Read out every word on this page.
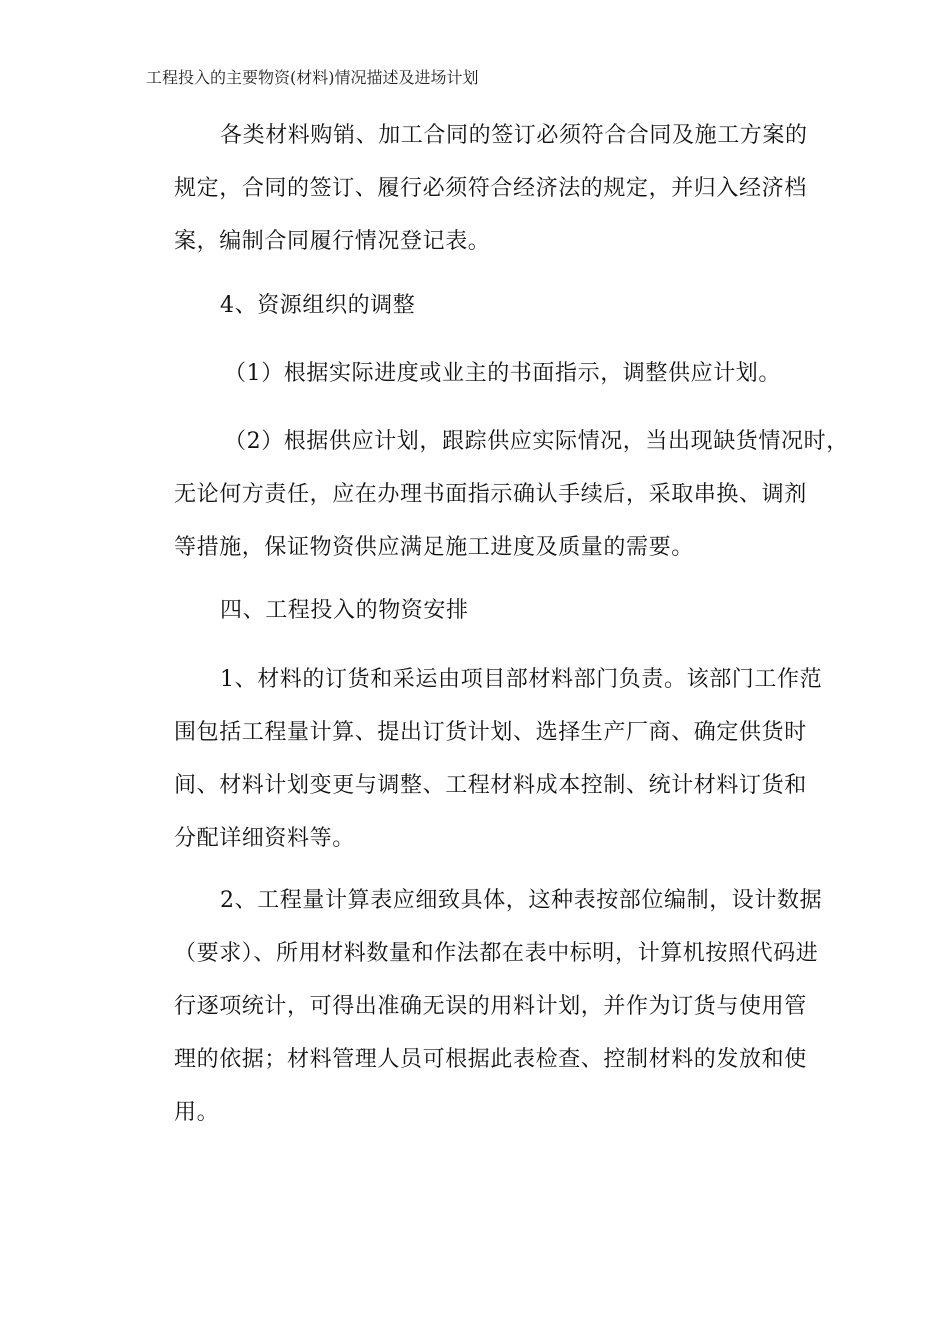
工程投入的主要物资(材料)情况描述及进场计划
各类材料购销、加工合同的签订必须符合合同及施工方案的
规定，合同的签订、履行必须符合经济法的规定，并归入经济档
案，编制合同履行情况登记表。
4、资源组织的调整
（1）根据实际进度或业主的书面指示，调整供应计划。
（2）根据供应计划，跟踪供应实际情况，当出现缺货情况时，
无论何方责任，应在办理书面指示确认手续后，采取串换、调剂
等措施，保证物资供应满足施工进度及质量的需要。
四、工程投入的物资安排
1、材料的订货和采运由项目部材料部门负责。该部门工作范
围包括工程量计算、提出订货计划、选择生产厂商、确定供货时
间、材料计划变更与调整、工程材料成本控制、统计材料订货和
分配详细资料等。
2、工程量计算表应细致具体，这种表按部位编制，设计数据
（要求）、所用材料数量和作法都在表中标明，计算机按照代码进
行逐项统计，可得出准确无误的用料计划，并作为订货与使用管
理的依据；材料管理人员可根据此表检查、控制材料的发放和使
用。
